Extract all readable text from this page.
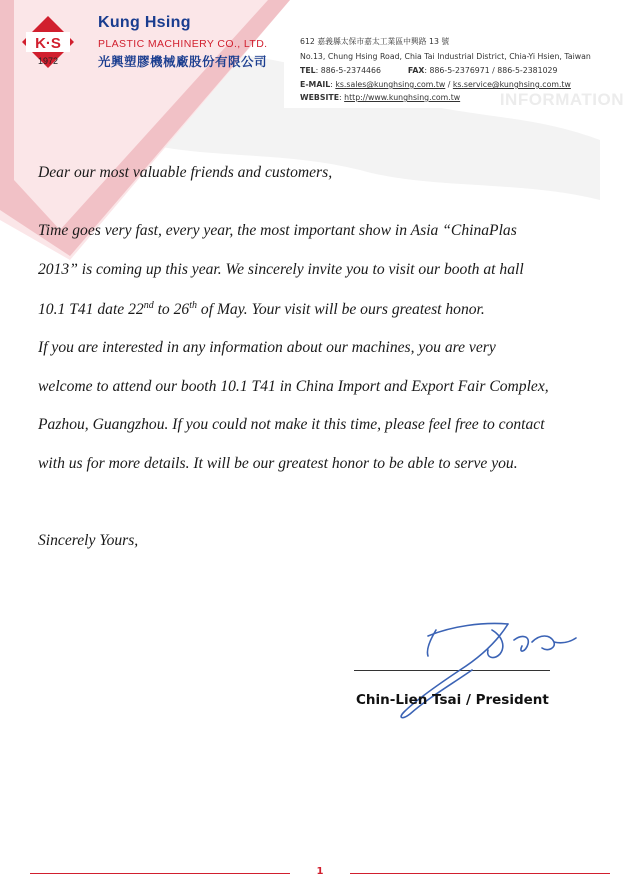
K·S
1972
Kung Hsing
PLASTIC MACHINERY CO., LTD.
光興塑膠機械廠股份有限公司
612 嘉義縣太保市嘉太工業區中興路 13 號
No.13, Chung Hsing Road, Chia Tai Industrial District, Chia-Yi Hsien, Taiwan
TEL: 886-5-2374466	FAX: 886-5-2376971 / 886-5-2381029
E-MAIL: ks.sales@kunghsing.com.tw / ks.service@kunghsing.com.tw
WEBSITE: http://www.kunghsing.com.tw INFORMATION

Dear our most valuable friends and customers,

Time goes very fast, every year, the most important show in Asia “ChinaPlas

2013” is coming up this year. We sincerely invite you to visit our booth at hall

10.1 T41 date 22nd to 26th of May. Your visit will be ours greatest honor.

If you are interested in any information about our machines, you are very

welcome to attend our booth 10.1 T41 in China Import and Export Fair Complex,

Pazhou, Guangzhou. If you could not make it this time, please feel free to contact

with us for more details. It will be our greatest honor to be able to serve you.

Sincerely Yours,

Chin-Lien Tsai / President
1
